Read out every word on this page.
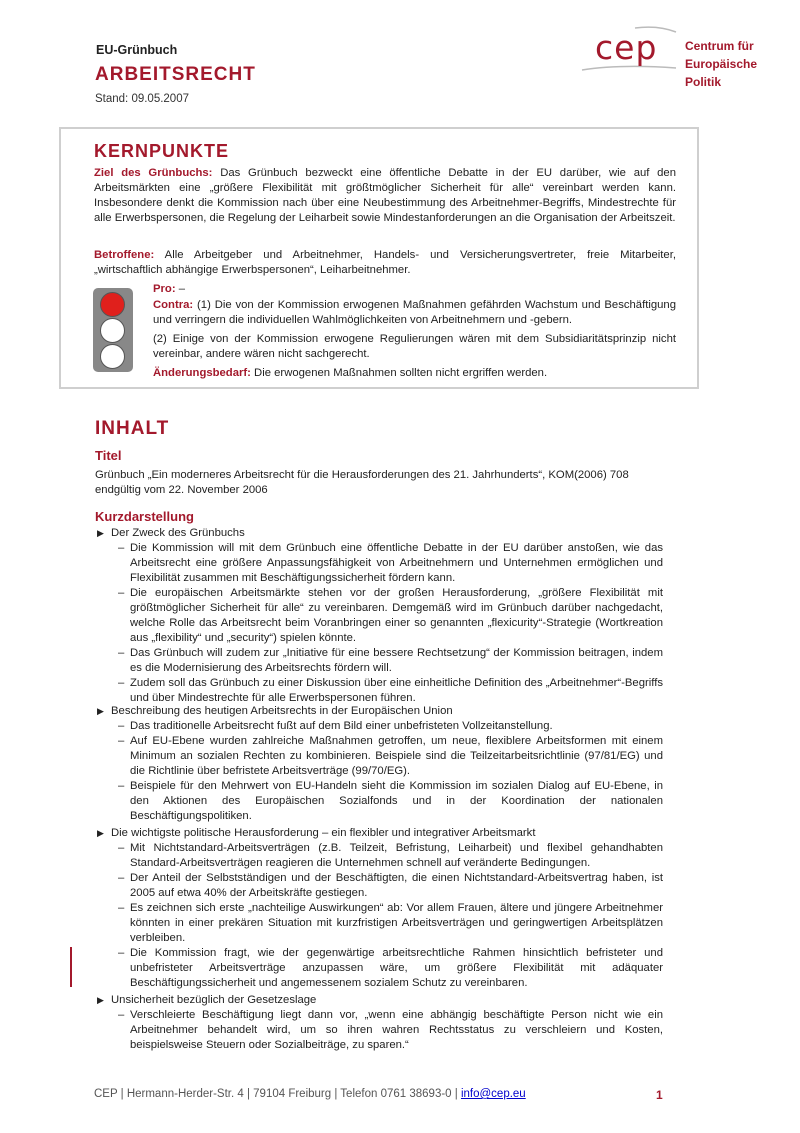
EU-Grünbuch
ARBEITSRECHT
Stand: 09.05.2007
cep Centrum für
Europäische
Politik
KERNPUNKTE
Ziel des Grünbuchs: Das Grünbuch bezweckt eine öffentliche Debatte in der EU darüber, wie auf den Arbeitsmärkten eine „größere Flexibilität mit größtmöglicher Sicherheit für alle“ vereinbart werden kann. Insbesondere denkt die Kommission nach über eine Neubestimmung des Arbeitnehmer-Begriffs, Mindestrechte für alle Erwerbspersonen, die Regelung der Leiharbeit sowie Mindestanforderungen an die Organisation der Arbeitszeit.
Betroffene: Alle Arbeitgeber und Arbeitnehmer, Handels- und Versicherungsvertreter, freie Mitarbeiter, „wirtschaftlich abhängige Erwerbspersonen“, Leiharbeitnehmer.
Pro: –
Contra: (1) Die von der Kommission erwogenen Maßnahmen gefährden Wachstum und Beschäftigung und verringern die individuellen Wahlmöglichkeiten von Arbeitnehmern und -gebern.
(2) Einige von der Kommission erwogene Regulierungen wären mit dem Subsidiaritätsprinzip nicht vereinbar, andere wären nicht sachgerecht.
Änderungsbedarf: Die erwogenen Maßnahmen sollten nicht ergriffen werden.
INHALT
Titel
Grünbuch „Ein moderneres Arbeitsrecht für die Herausforderungen des 21. Jahrhunderts“, KOM(2006) 708 endgültig vom 22. November 2006
Kurzdarstellung
▶ Der Zweck des Grünbuchs
– Die Kommission will mit dem Grünbuch eine öffentliche Debatte in der EU darüber anstoßen, wie das Arbeitsrecht eine größere Anpassungsfähigkeit von Arbeitnehmern und Unternehmen ermöglichen und Flexibilität zusammen mit Beschäftigungssicherheit fördern kann.
– Die europäischen Arbeitsmärkte stehen vor der großen Herausforderung, „größere Flexibilität mit größtmöglicher Sicherheit für alle“ zu vereinbaren. Demgemäß wird im Grünbuch darüber nachgedacht, welche Rolle das Arbeitsrecht beim Voranbringen einer so genannten „flexicurity“-Strategie (Wortkreation aus „flexibility“ und „security“) spielen könnte.
– Das Grünbuch will zudem zur „Initiative für eine bessere Rechtsetzung“ der Kommission beitragen, indem es die Modernisierung des Arbeitsrechts fördern will.
– Zudem soll das Grünbuch zu einer Diskussion über eine einheitliche Definition des „Arbeitnehmer“-Begriffs und über Mindestrechte für alle Erwerbspersonen führen.
▶ Beschreibung des heutigen Arbeitsrechts in der Europäischen Union
– Das traditionelle Arbeitsrecht fußt auf dem Bild einer unbefristeten Vollzeitanstellung.
– Auf EU-Ebene wurden zahlreiche Maßnahmen getroffen, um neue, flexiblere Arbeitsformen mit einem Minimum an sozialen Rechten zu kombinieren. Beispiele sind die Teilzeitarbeitsrichtlinie (97/81/EG) und die Richtlinie über befristete Arbeitsverträge (99/70/EG).
– Beispiele für den Mehrwert von EU-Handeln sieht die Kommission im sozialen Dialog auf EU-Ebene, in den Aktionen des Europäischen Sozialfonds und in der Koordination der nationalen Beschäftigungspolitiken.
▶ Die wichtigste politische Herausforderung – ein flexibler und integrativer Arbeitsmarkt
– Mit Nichtstandard-Arbeitsverträgen (z.B. Teilzeit, Befristung, Leiharbeit) und flexibel gehandhabten Standard-Arbeitsverträgen reagieren die Unternehmen schnell auf veränderte Bedingungen.
– Der Anteil der Selbstständigen und der Beschäftigten, die einen Nichtstandard-Arbeitsvertrag haben, ist 2005 auf etwa 40% der Arbeitskräfte gestiegen.
– Es zeichnen sich erste „nachteilige Auswirkungen“ ab: Vor allem Frauen, ältere und jüngere Arbeitnehmer könnten in einer prekären Situation mit kurzfristigen Arbeitsverträgen und geringwertigen Arbeitsplätzen verbleiben.
– Die Kommission fragt, wie der gegenwärtige arbeitsrechtliche Rahmen hinsichtlich befristeter und unbefristeter Arbeitsverträge anzupassen wäre, um größere Flexibilität mit adäquater Beschäftigungssicherheit und angemessenem sozialem Schutz zu vereinbaren.
▶ Unsicherheit bezüglich der Gesetzeslage
– Verschleierte Beschäftigung liegt dann vor, „wenn eine abhängig beschäftigte Person nicht wie ein Arbeitnehmer behandelt wird, um so ihren wahren Rechtsstatus zu verschleiern und Kosten, beispielsweise Steuern oder Sozialbeiträge, zu sparen.“
CEP | Hermann-Herder-Str. 4 | 79104 Freiburg | Telefon 0761 38693-0 | info@cep.eu	1
